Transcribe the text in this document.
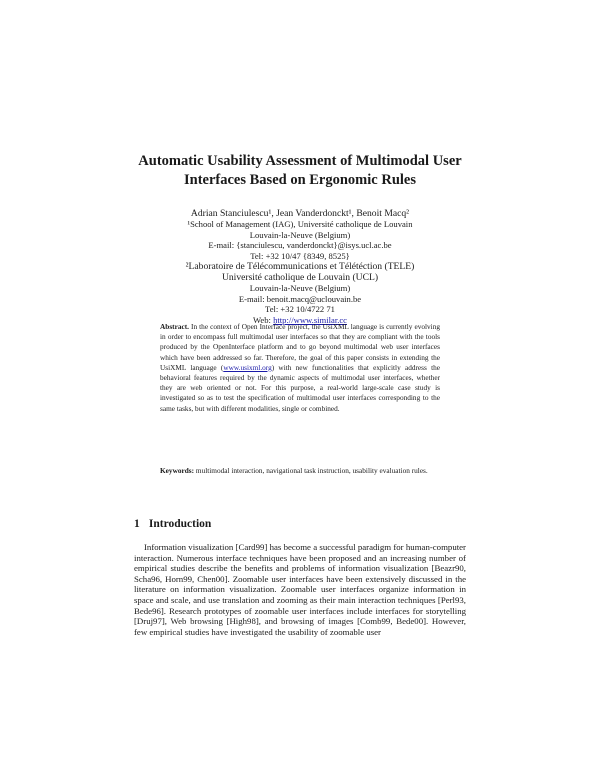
Automatic Usability Assessment of Multimodal User
Interfaces Based on Ergonomic Rules
Adrian Stanciulescu¹, Jean Vanderdonckt¹, Benoit Macq²
¹School of Management (IAG), Université catholique de Louvain
Louvain-la-Neuve (Belgium)
E-mail: {stanciulescu, vanderdonckt}@isys.ucl.ac.be
Tel: +32 10/47 {8349, 8525}
²Laboratoire de Télécommunications et Télétéction (TELE)
Université catholique de Louvain (UCL)
Louvain-la-Neuve (Belgium)
E-mail: benoit.macq@uclouvain.be
Tel: +32 10/4722 71
Web: http://www.similar.cc
Abstract. In the context of Open Interface project, the UsiXML language is currently evolving in order to encompass full multimodal user interfaces so that they are compliant with the tools produced by the OpenInterface platform and to go beyond multimodal web user interfaces which have been addressed so far. Therefore, the goal of this paper consists in extending the UsiXML language (www.usixml.org) with new functionalities that explicitly address the behavioral features required by the dynamic aspects of multimodal user interfaces, whether they are web oriented or not. For this purpose, a real-world large-scale case study is investigated so as to test the specification of multimodal user interfaces corresponding to the same tasks, but with different modalities, single or combined.
Keywords: multimodal interaction, navigational task instruction, usability evaluation rules.
1 Introduction
Information visualization [Card99] has become a successful paradigm for human-computer interaction. Numerous interface techniques have been proposed and an increasing number of empirical studies describe the benefits and problems of information visualization [Beazr90, Scha96, Horn99, Chen00]. Zoomable user interfaces have been extensively discussed in the literature on information visualization. Zoomable user interfaces organize information in space and scale, and use translation and zooming as their main interaction techniques [Perl93, Bede96]. Research prototypes of zoomable user interfaces include interfaces for storytelling [Druj97], Web browsing [High98], and browsing of images [Comb99, Bede00]. However, few empirical studies have investigated the usability of zoomable user
